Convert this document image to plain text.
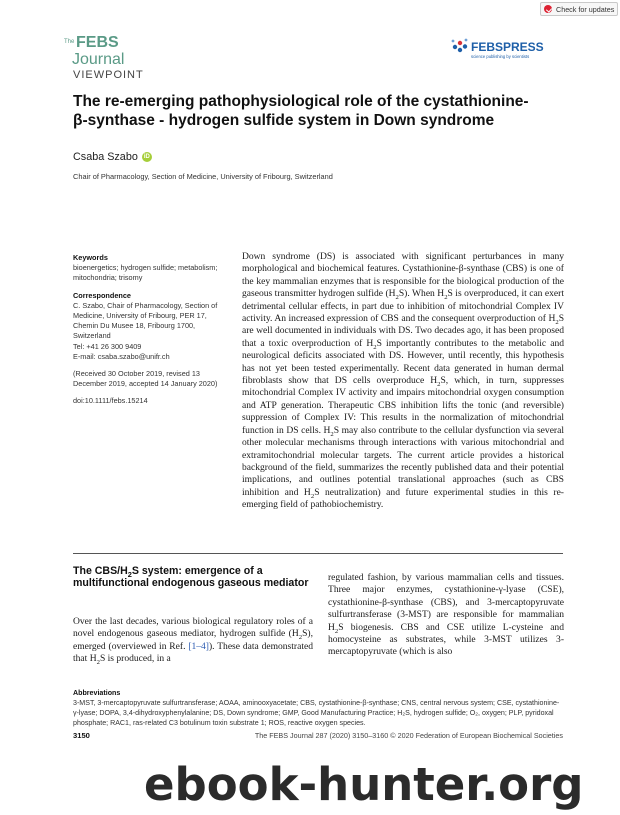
Check for updates
The FEBS
Journal
VIEWPOINT
FEBSPRESS
science publishing by scientists
The re-emerging pathophysiological role of the cystathionine-β-synthase - hydrogen sulfide system in Down syndrome
Csaba Szabo	iD
Chair of Pharmacology, Section of Medicine, University of Fribourg, Switzerland
Keywords
bioenergetics; hydrogen sulfide; metabolism; mitochondria; trisomy
Correspondence
C. Szabo, Chair of Pharmacology, Section of Medicine, University of Fribourg, PER 17, Chemin Du Musee 18, Fribourg 1700, Switzerland
Tel: +41 26 300 9409
E-mail: csaba.szabo@unifr.ch
(Received 30 October 2019, revised 13 December 2019, accepted 14 January 2020)
doi:10.1111/febs.15214

Down syndrome (DS) is associated with significant perturbances in many morphological and biochemical features. Cystathionine-β-synthase (CBS) is one of the key mammalian enzymes that is responsible for the biological production of the gaseous transmitter hydrogen sulfide $(H_2S)$. When $H_2S$ is overproduced, it can exert detrimental cellular effects, in part due to inhibition of mitochondrial Complex IV activity. An increased expression of CBS and the consequent overproduction of $H_2S$ are well documented in individuals with DS. Two decades ago, it has been proposed that a toxic overproduction of $H_2S$ importantly contributes to the metabolic and neurological deficits associated with DS. However, until recently, this hypothesis has not yet been tested experimentally. Recent data generated in human dermal fibroblasts show that DS cells overproduce $H_2S$, which, in turn, suppresses mitochondrial Complex IV activity and impairs mitochondrial oxygen consumption and ATP generation. Therapeutic CBS inhibition lifts the tonic (and reversible) suppression of Complex IV: This results in the normalization of mitochondrial function in DS cells. $H_2S$ may also contribute to the cellular dysfunction via several other molecular mechanisms through interactions with various mitochondrial and extramitochondrial molecular targets. The current article provides a historical background of the field, summarizes the recently published data and their potential implications, and outlines potential translational approaches (such as CBS inhibition and $H_2S$ neutralization) and future experimental studies in this re-emerging field of pathobiochemistry.

The CBS/$H_2S$ system: emergence of a multifunctional endogenous gaseous mediator

Over the last decades, various biological regulatory roles of a novel endogenous gaseous mediator, hydrogen sulfide $(H_2S)$, emerged (overviewed in Ref. [1–4]). These data demonstrated that $H_2S$ is produced, in a

regulated fashion, by various mammalian cells and tissues. Three major enzymes, cystathionine-γ-lyase (CSE), cystathionine-β-synthase (CBS), and 3-mercaptopyruvate sulfurtransferase (3-MST) are responsible for mammalian $H_2S$ biogenesis. CBS and CSE utilize L-cysteine and homocysteine as substrates, while 3-MST utilizes 3-mercaptopyruvate (which is also

Abbreviations
3-MST, 3-mercaptopyruvate sulfurtransferase; AOAA, aminooxyacetate; CBS, cystathionine-β-synthase; CNS, central nervous system; CSE, cystathionine-γ-lyase; DOPA, 3,4-dihydroxyphenylalanine; DS, Down syndrome; GMP, Good Manufacturing Practice; H₂S, hydrogen sulfide; O₂, oxygen; PLP, pyridoxal phosphate; RAC1, ras-related C3 botulinum toxin substrate 1; ROS, reactive oxygen species.
3150	The FEBS Journal 287 (2020) 3150–3160 © 2020 Federation of European Biochemical Societies
ebook-hunter.org
